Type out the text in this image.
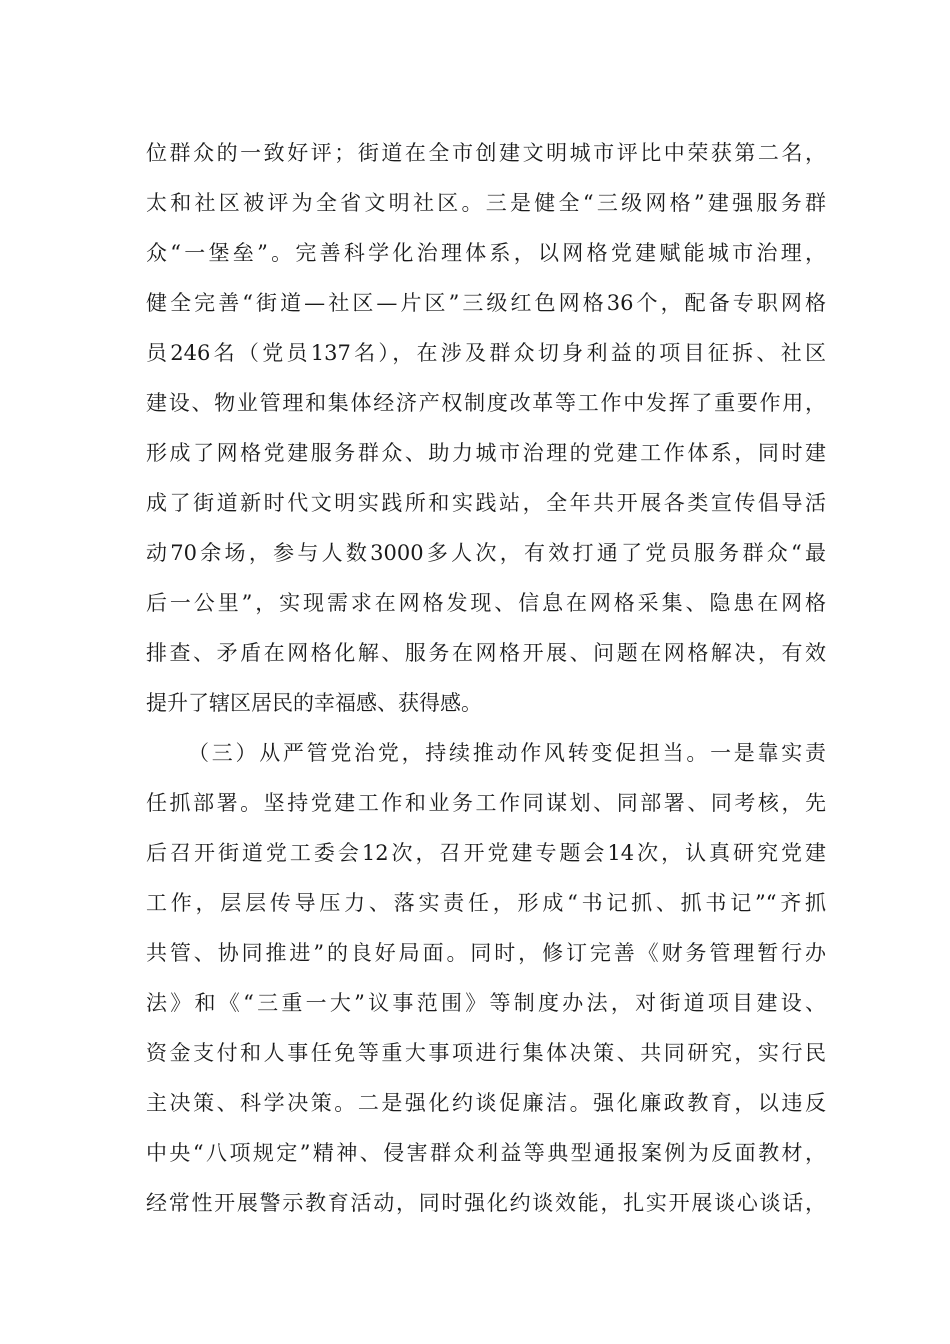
位群众的一致好评；街道在全市创建文明城市评比中荣获第二名，
太和社区被评为全省文明社区。三是健全“三级网格”建强服务群
众“一堡垒”。完善科学化治理体系，以网格党建赋能城市治理，
健全完善“街道—社区—片区”三级红色网格36个，配备专职网格
员246名（党员137名），在涉及群众切身利益的项目征拆、社区
建设、物业管理和集体经济产权制度改革等工作中发挥了重要作用，
形成了网格党建服务群众、助力城市治理的党建工作体系，同时建
成了街道新时代文明实践所和实践站，全年共开展各类宣传倡导活
动70余场，参与人数3000多人次，有效打通了党员服务群众“最
后一公里”，实现需求在网格发现、信息在网格采集、隐患在网格
排查、矛盾在网格化解、服务在网格开展、问题在网格解决，有效
提升了辖区居民的幸福感、获得感。
（三）从严管党治党，持续推动作风转变促担当。一是靠实责
任抓部署。坚持党建工作和业务工作同谋划、同部署、同考核，先
后召开街道党工委会12次，召开党建专题会14次，认真研究党建
工作，层层传导压力、落实责任，形成“书记抓、抓书记”“齐抓
共管、协同推进”的良好局面。同时，修订完善《财务管理暂行办
法》和《“三重一大”议事范围》等制度办法，对街道项目建设、
资金支付和人事任免等重大事项进行集体决策、共同研究，实行民
主决策、科学决策。二是强化约谈促廉洁。强化廉政教育，以违反
中央“八项规定”精神、侵害群众利益等典型通报案例为反面教材，
经常性开展警示教育活动，同时强化约谈效能，扎实开展谈心谈话，
